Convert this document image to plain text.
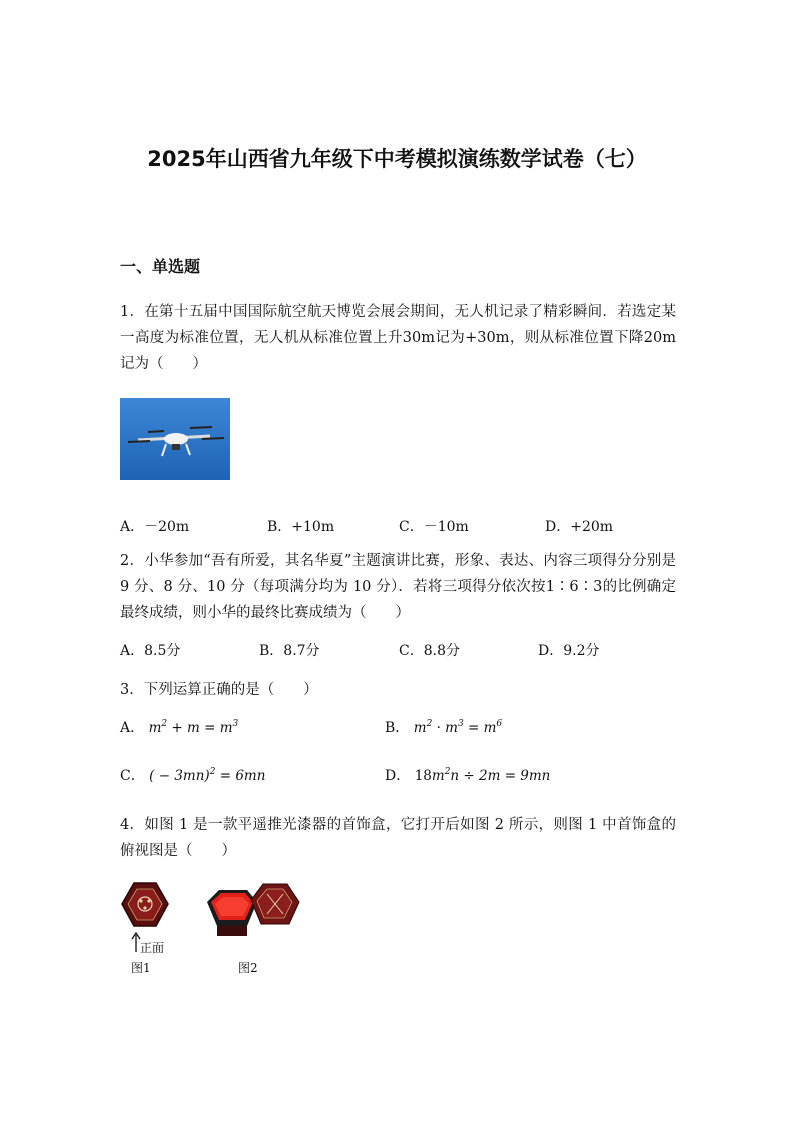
2025年山西省九年级下中考模拟演练数学试卷（七）
一、单选题
1．在第十五届中国国际航空航天博览会展会期间，无人机记录了精彩瞬间．若选定某一高度为标准位置，无人机从标准位置上升30m记为+30m，则从标准位置下降20m记为（　　）
A．－20m	B．+10m	C．－10m	D．+20m
2．小华参加“吾有所爱，其名华夏”主题演讲比赛，形象、表达、内容三项得分分别是 9 分、8 分、10 分（每项满分均为 10 分）．若将三项得分依次按1∶6∶3的比例确定最终成绩，则小华的最终比赛成绩为（　　）
A．8.5分	B．8.7分	C．8.8分	D．9.2分
3．下列运算正确的是（　　）
A． $m^2 + m = m^3$	B． $m^2 \cdot m^3 = m^6$
C． ( − 3mn)$^2$ = 6mn	D． $18m^2n \div 2m = 9mn$
4．如图 1 是一款平遥推光漆器的首饰盒，它打开后如图 2 所示，则图 1 中首饰盒的俯视图是（　　）
正面
图1	图2
